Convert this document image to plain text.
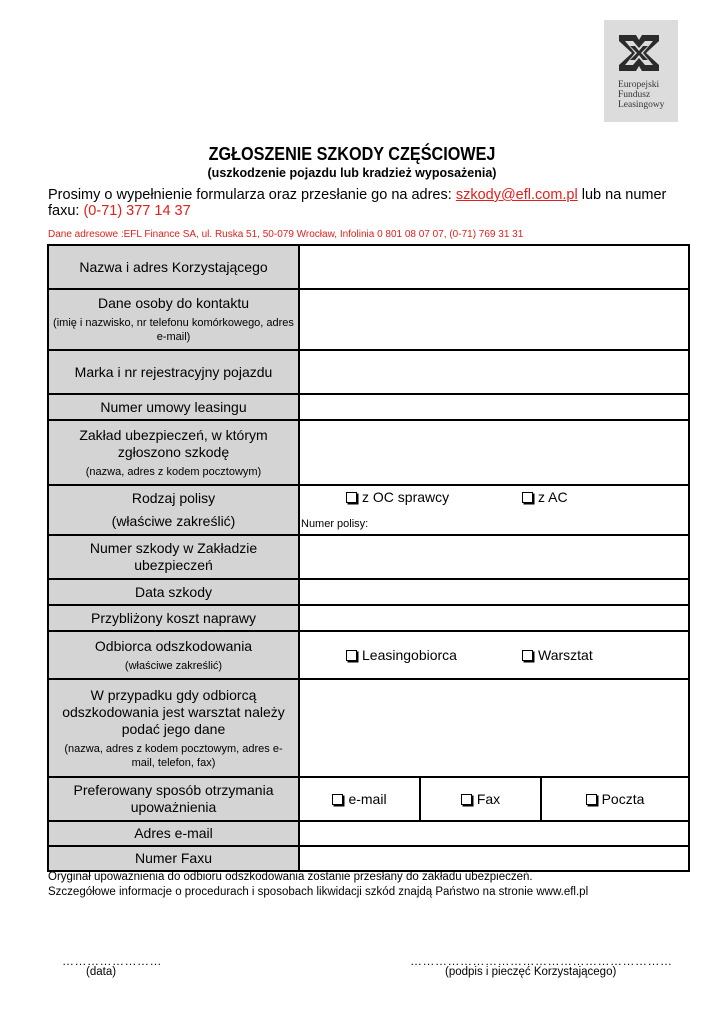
Europejski
Fundusz
Leasingowy
ZGŁOSZENIE SZKODY CZĘŚCIOWEJ
(uszkodzenie pojazdu lub kradzież wyposażenia)
Prosimy o wypełnienie formularza oraz przesłanie go na adres: szkody@efl.com.pl lub na numer faxu: (0-71) 377 14 37
Dane adresowe :EFL Finance SA, ul. Ruska 51, 50-079 Wrocław, Infolinia 0 801 08 07 07, (0-71) 769 31 31
Nazwa i adres Korzystającego	
Dane osoby do kontaktu
(imię i nazwisko, nr telefonu komórkowego, adres e-mail)

Marka i nr rejestracyjny pojazdu	
Numer umowy leasingu	
Zakład ubezpieczeń, w którym zgłoszono szkodę
(nazwa, adres z kodem pocztowym)

Rodzaj polisy

(właściwe zakreślić)

z OC sprawcy	z AC
Numer polisy:

Numer szkody w Zakładzie ubezpieczeń	
Data szkody	
Przybliżony koszt naprawy	
Odbiorca odszkodowania
(właściwe zakreślić)

Leasingobiorca	Warsztat

W przypadku gdy odbiorcą odszkodowania jest warsztat należy podać jego dane
(nazwa, adres z kodem pocztowym, adres e-mail, telefon, fax)

Preferowany sposób otrzymania upoważnienia		e-mail	Fax	Poczta

Adres e-mail	
Numer Faxu	
Oryginał upoważnienia do odbioru odszkodowania zostanie przesłany do zakładu ubezpieczeń.
Szczegółowe informacje o procedurach i sposobach likwidacji szkód znajdą Państwo na stronie www.efl.pl
……………………
(data)
………………………………………………………
(podpis i pieczęć Korzystającego)
